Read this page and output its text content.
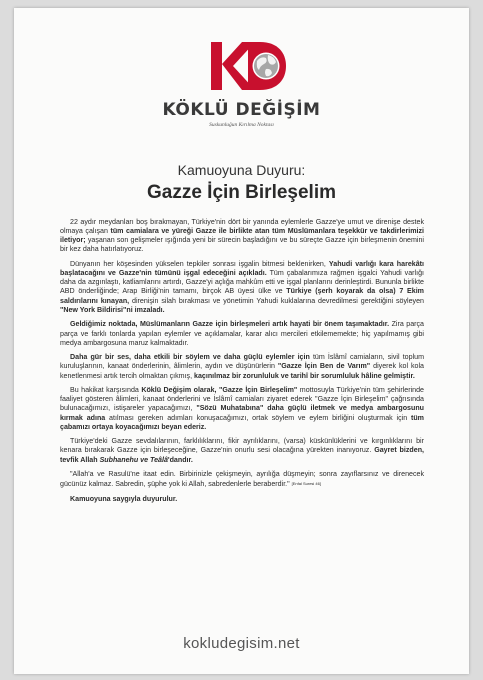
KÖKLÜ DEĞİŞİM
Suskunluğun Kırılma Noktası
Kamuoyuna Duyuru:
Gazze İçin Birleşelim

22 aydır meydanları boş bırakmayan, Türkiye'nin dört bir yanında eylemlerle Gazze'ye umut ve direnişe destek olmaya çalışan tüm camialara ve yüreği Gazze ile birlikte atan tüm Müslümanlara teşekkür ve takdirlerimizi iletiyor; yaşanan son gelişmeler ışığında yeni bir sürecin başladığını ve bu süreçte Gazze için birleşmenin önemini bir kez daha hatırlatıyoruz.

Dünyanın her köşesinden yükselen tepkiler sonrası işgalin bitmesi beklenirken, Yahudi varlığı kara harekâtı başlatacağını ve Gazze'nin tümünü işgal edeceğini açıkladı. Tüm çabalarımıza rağmen işgalci Yahudi varlığı daha da azgınlaştı, katliamlarını artırdı, Gazze'yi açlığa mahkûm etti ve işgal planlarını derinleştirdi. Bununla birlikte ABD önderliğinde; Arap Birliği'nin tamamı, birçok AB üyesi ülke ve Türkiye (şerh koyarak da olsa) 7 Ekim saldırılarını kınayan, direnişin silah bırakması ve yönetimin Yahudi kuklalarına devredilmesi gerektiğini söyleyen "New York Bildirisi"ni imzaladı.

Geldiğimiz noktada, Müslümanların Gazze için birleşmeleri artık hayati bir önem taşımaktadır. Zira parça parça ve farklı tonlarda yapılan eylemler ve açıklamalar, karar alıcı mercileri etkilememekte; hiç yapılmamış gibi medya ambargosuna maruz kalmaktadır.

Daha gür bir ses, daha etkili bir söylem ve daha güçlü eylemler için tüm İslâmî camiaların, sivil toplum kuruluşlarının, kanaat önderlerinin, âlimlerin, aydın ve düşünürlerin "Gazze İçin Ben de Varım" diyerek kol kola kenetlenmesi artık tercih olmaktan çıkmış, kaçınılmaz bir zorunluluk ve tarihî bir sorumluluk hâline gelmiştir.

Bu hakikat karşısında Köklü Değişim olarak, "Gazze İçin Birleşelim" mottosuyla Türkiye'nin tüm şehirlerinde faaliyet gösteren âlimleri, kanaat önderlerini ve İslâmî camiaları ziyaret ederek "Gazze İçin Birleşelim" çağrısında bulunacağımızı, istişareler yapacağımızı, "Sözü Muhatabına" daha güçlü iletmek ve medya ambargosunu kırmak adına atılması gereken adımları konuşacağımızı, ortak söylem ve eylem birliğini oluşturmak için tüm çabamızı ortaya koyacağımızı beyan ederiz.

Türkiye'deki Gazze sevdalılarının, farklılıklarını, fikir ayrılıklarını, (varsa) küskünlüklerini ve kırgınlıklarını bir kenara bırakarak Gazze için birleşeceğine, Gazze'nin onurlu sesi olacağına yürekten inanıyoruz. Gayret bizden, tevfik Allah Subhanehu ve Teâlâ'dandır.

"Allah'a ve Rasulü'ne itaat edin. Birbirinizle çekişmeyin, ayrılığa düşmeyin; sonra zayıflarsınız ve direnecek gücünüz kalmaz. Sabredin, şüphe yok ki Allah, sabredenlerle beraberdir." [Enfal Suresi 46]

Kamuoyuna saygıyla duyurulur.

kokludegisim.net
